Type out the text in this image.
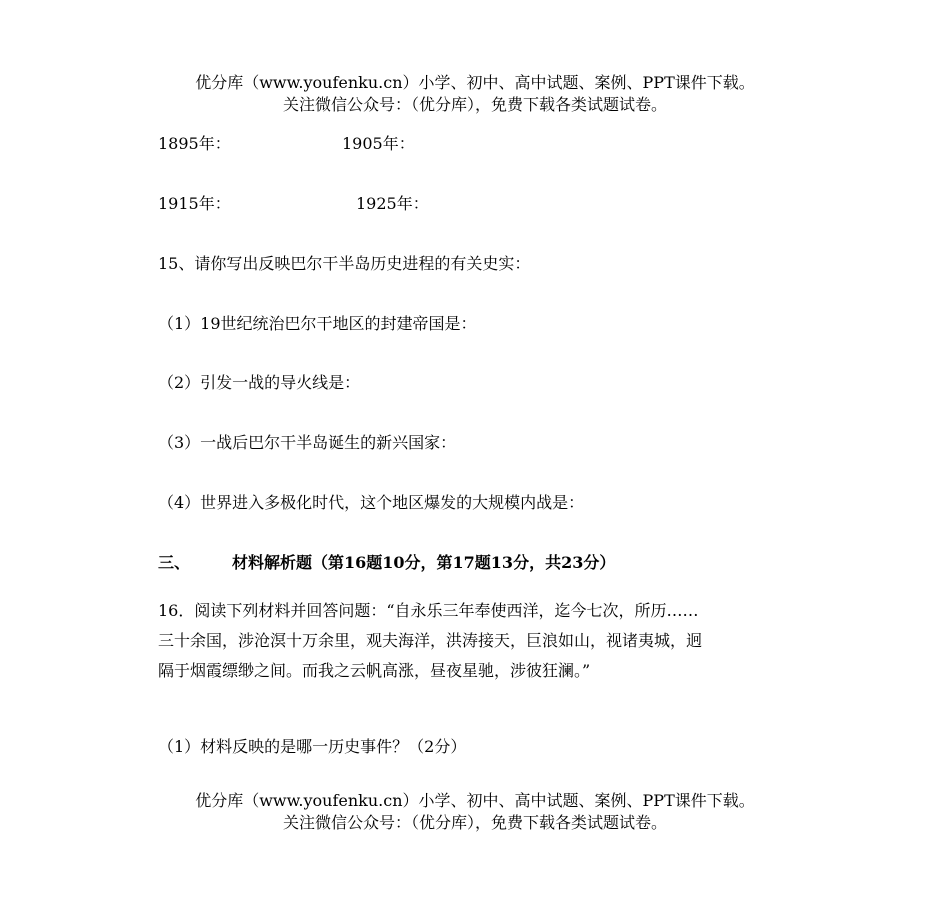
优分库（www.youfenku.cn）小学、初中、高中试题、案例、PPT课件下载。
关注微信公众号：（优分库），免费下载各类试题试卷。
1895年：	1905年：
1915年：	1925年：
15、请你写出反映巴尔干半岛历史进程的有关史实：
（1）19世纪统治巴尔干地区的封建帝国是：
（2）引发一战的导火线是：
（3）一战后巴尔干半岛诞生的新兴国家：
（4）世界进入多极化时代，这个地区爆发的大规模内战是：
三、	材料解析题（第16题10分，第17题13分，共23分）
16．阅读下列材料并回答问题：“自永乐三年奉使西洋，迄今七次，所历……
三十余国，涉沧溟十万余里，观夫海洋，洪涛接天，巨浪如山，视诸夷城，迥
隔于烟霞缥缈之间。而我之云帆高涨，昼夜星驰，涉彼狂澜。”
（1）材料反映的是哪一历史事件？（2分）
优分库（www.youfenku.cn）小学、初中、高中试题、案例、PPT课件下载。
关注微信公众号：（优分库），免费下载各类试题试卷。
